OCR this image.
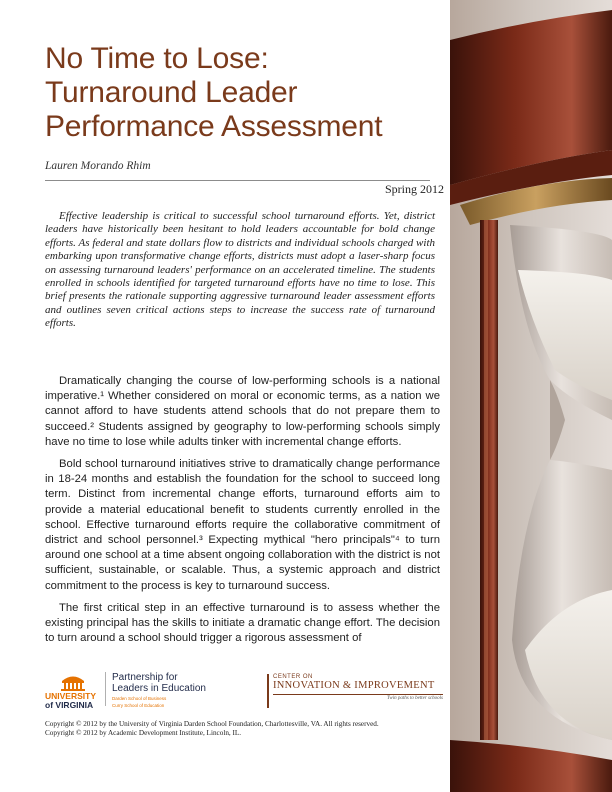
No Time to Lose:
Turnaround Leader
Performance Assessment
Lauren Morando Rhim
Spring 2012

Effective leadership is critical to successful school turnaround efforts. Yet, district leaders have historically been hesitant to hold leaders accountable for bold change efforts. As federal and state dollars flow to districts and individual schools charged with embarking upon transformative change efforts, districts must adopt a laser-sharp focus on assessing turnaround leaders' performance on an accelerated timeline. The students enrolled in schools identified for targeted turnaround efforts have no time to lose. This brief presents the rationale supporting aggressive turnaround leader assessment efforts and outlines seven critical actions steps to increase the success rate of turnaround efforts.

Dramatically changing the course of low-performing schools is a national imperative.¹ Whether considered on moral or economic terms, as a nation we cannot afford to have students attend schools that do not prepare them to succeed.² Students assigned by geography to low-performing schools simply have no time to lose while adults tinker with incremental change efforts.

Bold school turnaround initiatives strive to dramatically change performance in 18-24 months and establish the foundation for the school to succeed long term. Distinct from incremental change efforts, turnaround efforts aim to provide a material educational benefit to students currently enrolled in the school. Effective turnaround efforts require the collaborative commitment of district and school personnel.³ Expecting mythical "hero principals"⁴ to turn around one school at a time absent ongoing collaboration with the district is not sufficient, sustainable, or scalable. Thus, a systemic approach and district commitment to the process is key to turnaround success.

The first critical step in an effective turnaround is to assess whether the existing principal has the skills to initiate a dramatic change effort. The decision to turn around a school should trigger a rigorous assessment of

UNIVERSITY
of VIRGINIA
Partnership for
Leaders in Education
Darden School of Business
Curry School of Education
CENTER ON
INNOVATION & IMPROVEMENT
Twin paths to better schools
Copyright © 2012 by the University of Virginia Darden School Foundation, Charlottesville, VA. All rights reserved.
Copyright © 2012 by Academic Development Institute, Lincoln, IL.
